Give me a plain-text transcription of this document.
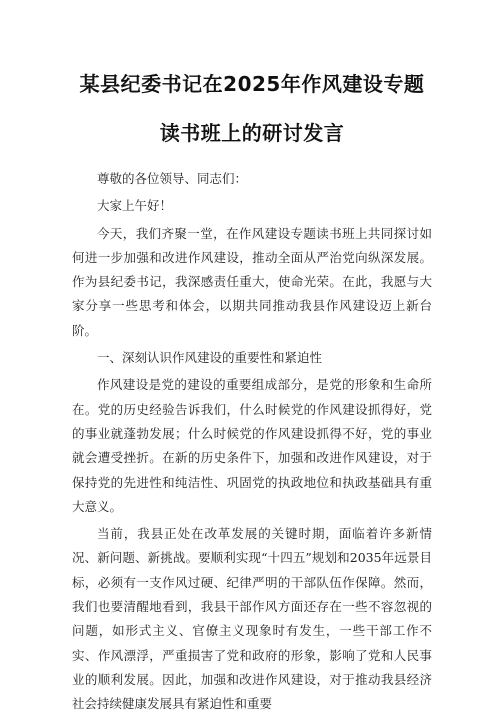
某县纪委书记在2025年作风建设专题
读书班上的研讨发言

尊敬的各位领导、同志们：

大家上午好！

今天，我们齐聚一堂，在作风建设专题读书班上共同探讨如何进一步加强和改进作风建设，推动全面从严治党向纵深发展。作为县纪委书记，我深感责任重大，使命光荣。在此，我愿与大家分享一些思考和体会，以期共同推动我县作风建设迈上新台阶。

一、深刻认识作风建设的重要性和紧迫性

作风建设是党的建设的重要组成部分，是党的形象和生命所在。党的历史经验告诉我们，什么时候党的作风建设抓得好，党的事业就蓬勃发展；什么时候党的作风建设抓得不好，党的事业就会遭受挫折。在新的历史条件下，加强和改进作风建设，对于保持党的先进性和纯洁性、巩固党的执政地位和执政基础具有重大意义。

当前，我县正处在改革发展的关键时期，面临着许多新情况、新问题、新挑战。要顺利实现“十四五”规划和2035年远景目标，必须有一支作风过硬、纪律严明的干部队伍作保障。然而，我们也要清醒地看到，我县干部作风方面还存在一些不容忽视的问题，如形式主义、官僚主义现象时有发生，一些干部工作不实、作风漂浮，严重损害了党和政府的形象，影响了党和人民事业的顺利发展。因此，加强和改进作风建设，对于推动我县经济社会持续健康发展具有紧迫性和重要
